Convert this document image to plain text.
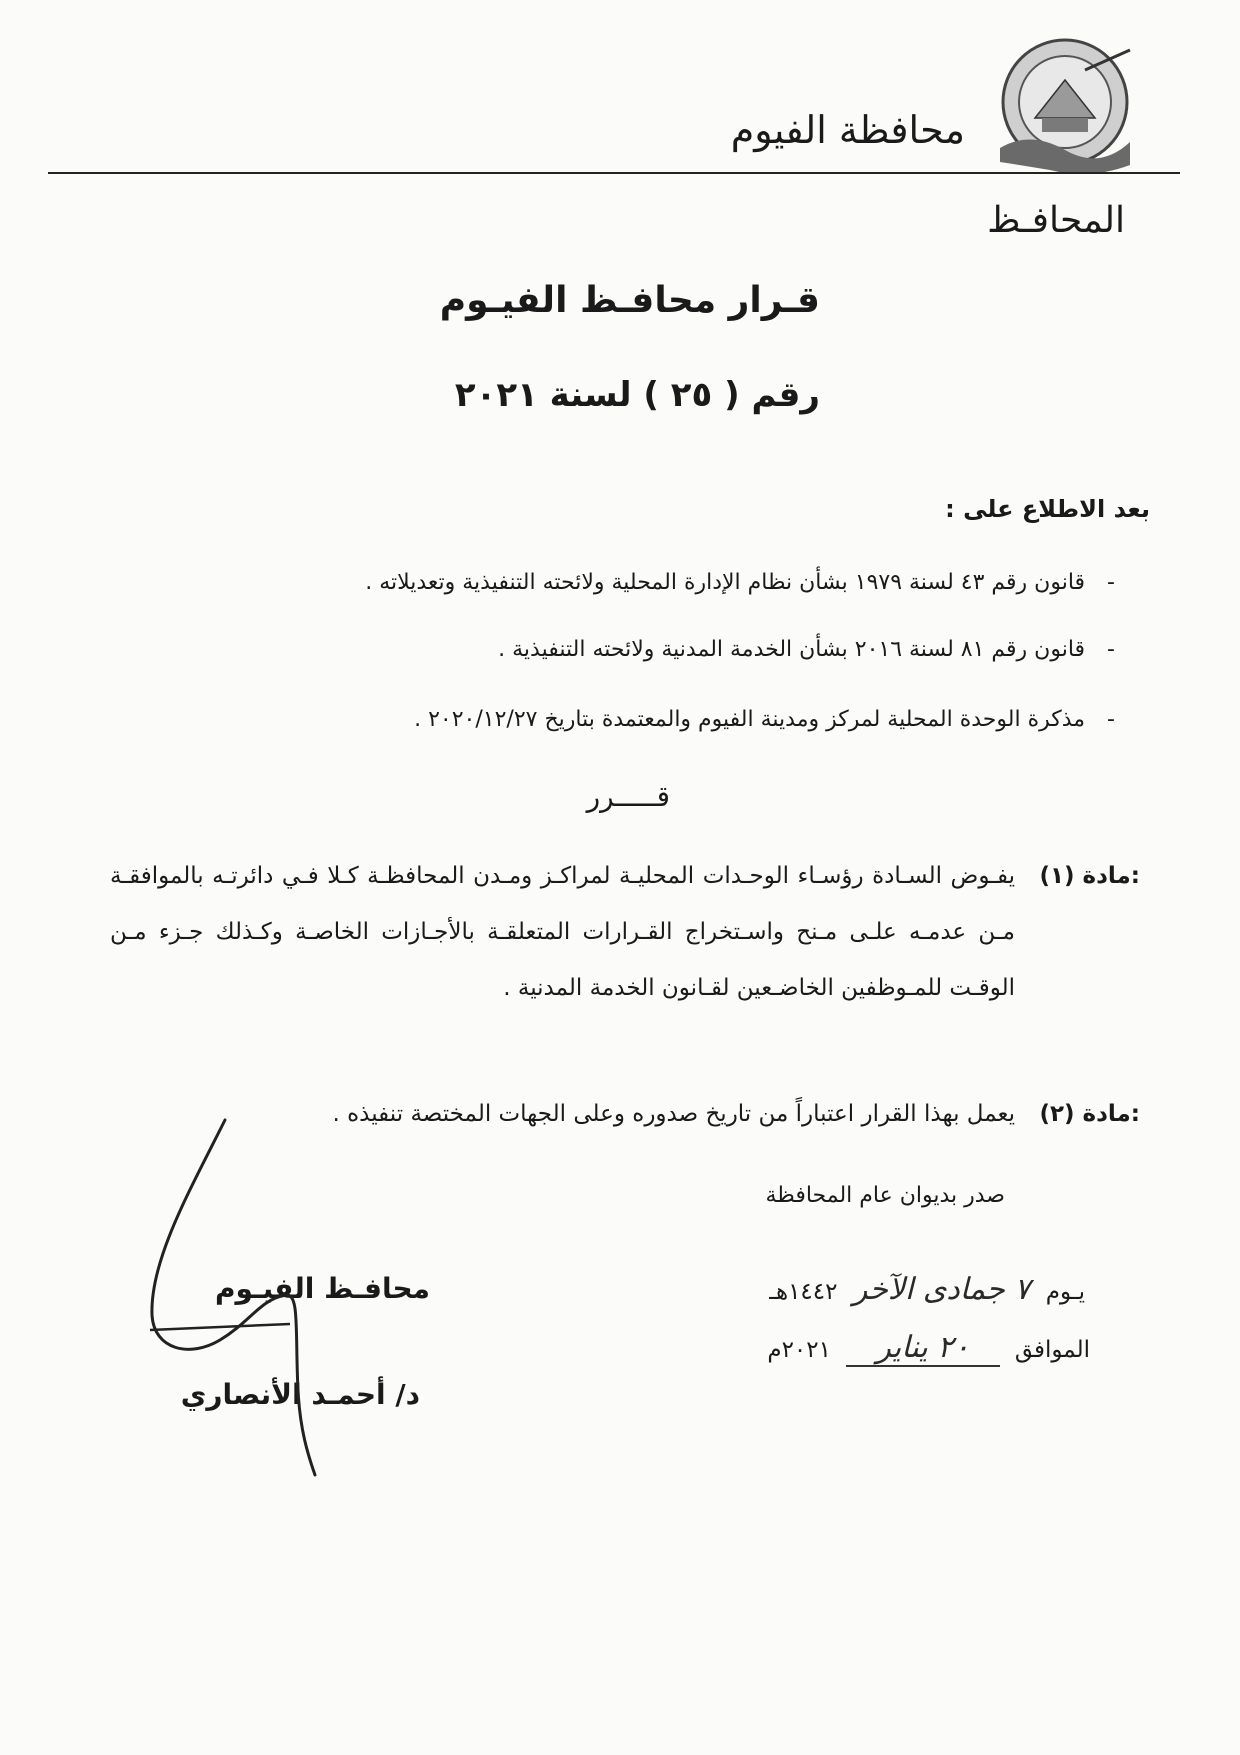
محافظة الفيوم
المحافـظ
قـرار محافـظ الفيـوم
رقم ( ٢٥ ) لسنة ٢٠٢١
بعد الاطلاع على :
-قانون رقم ٤٣ لسنة ١٩٧٩ بشأن نظام الإدارة المحلية ولائحته التنفيذية وتعديلاته .
-قانون رقم ٨١ لسنة ٢٠١٦ بشأن الخدمة المدنية ولائحته التنفيذية .
-مذكرة الوحدة المحلية لمركز ومدينة الفيوم والمعتمدة بتاريخ ٢٠٢٠/١٢/٢٧ .
قـــــرر
مادة (١):
يفـوض السـادة رؤسـاء الوحـدات المحليـة لمراكـز ومـدن المحافظـة كـلا فـي دائرتـه بالموافقـة مـن عدمـه علـى مـنح واسـتخراج القـرارات المتعلقـة بالأجـازات الخاصـة وكـذلك جـزء مـن الوقـت للمـوظفين الخاضـعين لقـانون الخدمة المدنية .
مادة (٢):
يعمل بهذا القرار اعتباراً من تاريخ صدوره وعلى الجهات المختصة تنفيذه .
صدر بديوان عام المحافظة
يـوم ٧ جمادى الآخر ١٤٤٢هـ
الموافق ٢٠ يناير ٢٠٢١م
محافـظ الفيـوم
د/ أحمـد الأنصاري
